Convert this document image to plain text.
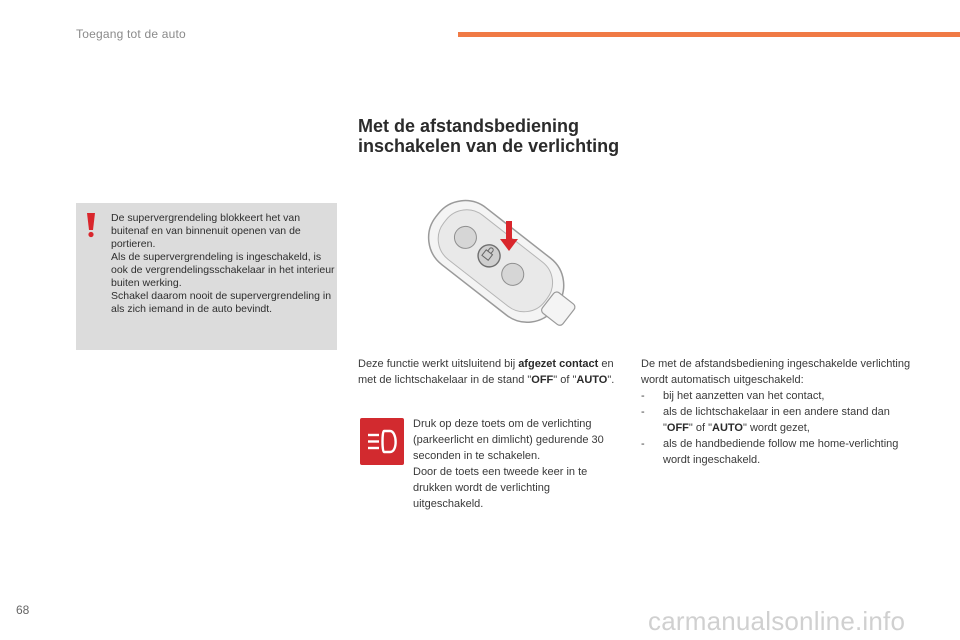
Toegang tot de auto
Met de afstandsbediening
inschakelen van de verlichting

De supervergrendeling blokkeert het van buitenaf en van binnenuit openen van de portieren.

Als de supervergrendeling is ingeschakeld, is ook de vergrendelingsschakelaar in het interieur buiten werking.

Schakel daarom nooit de supervergrendeling in als zich iemand in de auto bevindt.

Deze functie werkt uitsluitend bij afgezet contact en met de lichtschakelaar in de stand "OFF" of "AUTO".
Druk op deze toets om de verlichting (parkeerlicht en dimlicht) gedurende 30 seconden in te schakelen.
Door de toets een tweede keer in te drukken wordt de verlichting uitgeschakeld.
De met de afstandsbediening ingeschakelde verlichting wordt automatisch uitgeschakeld:
-	bij het aanzetten van het contact,
-	als de lichtschakelaar in een andere stand dan "OFF" of "AUTO" wordt gezet,
-	als de handbediende follow me home-verlichting wordt ingeschakeld.
68	carmanualsonline.info
